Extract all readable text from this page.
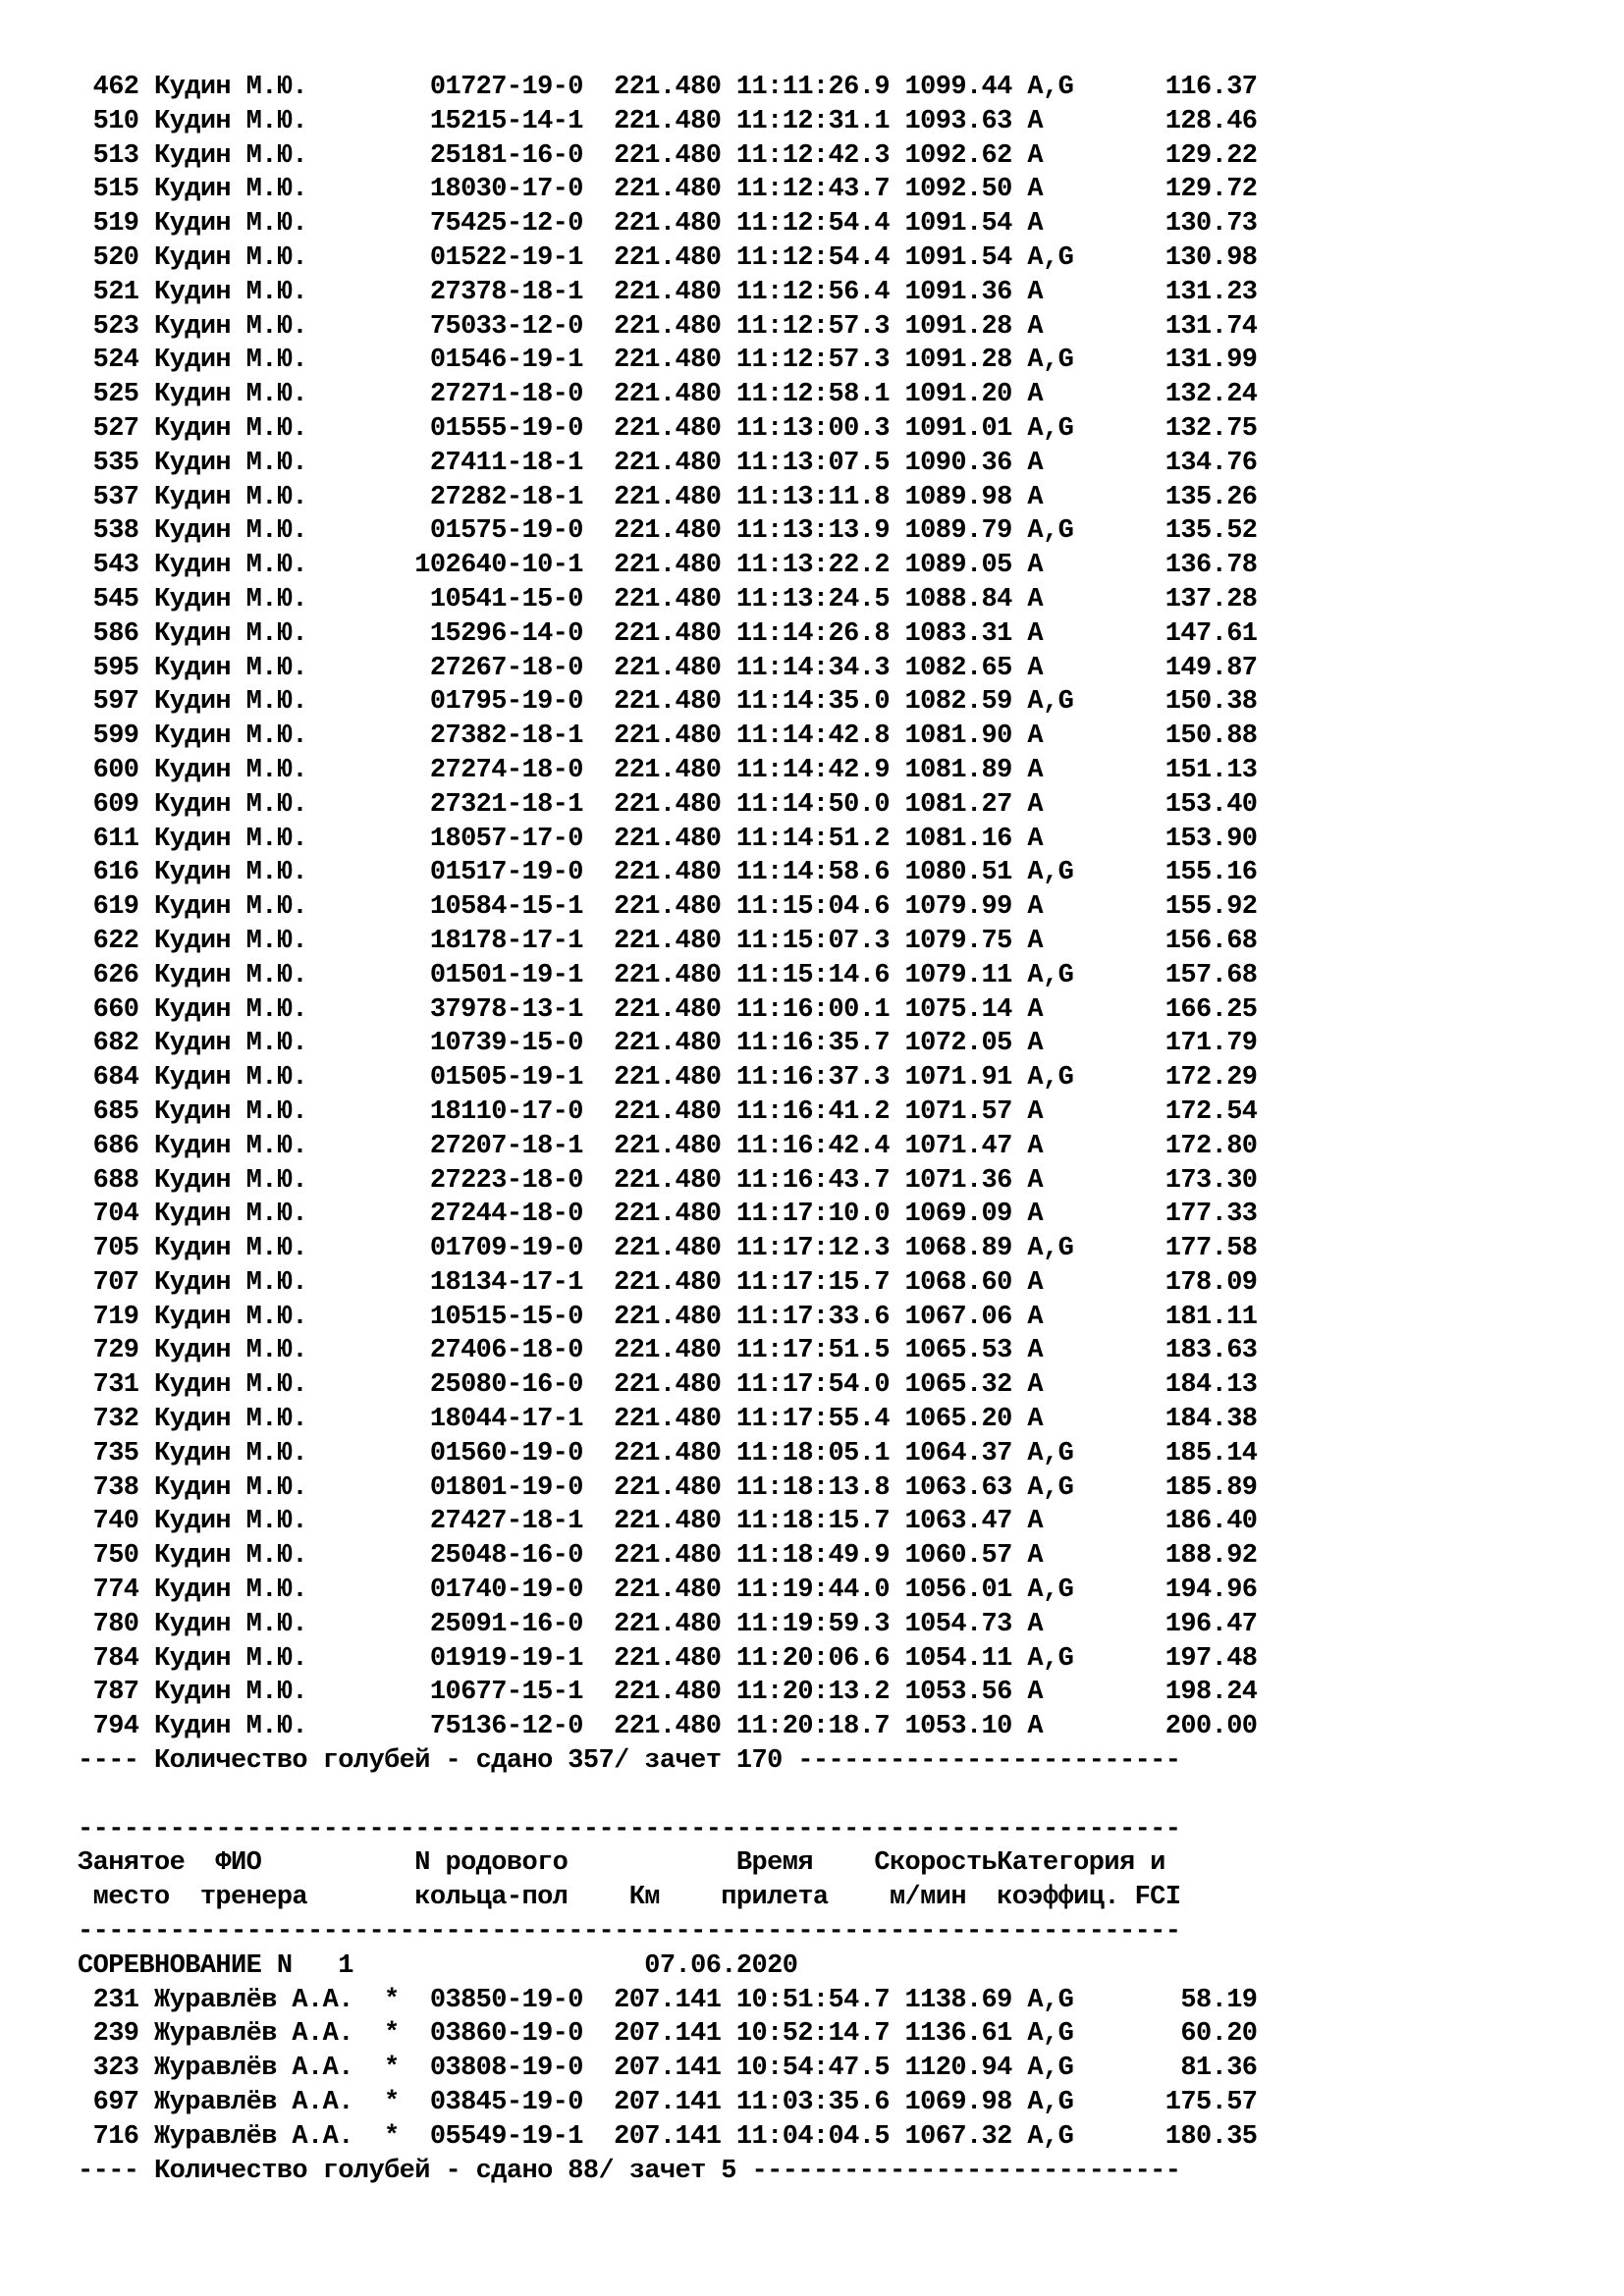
462 Кудин М.Ю.        01727-19-0  221.480 11:11:26.9 1099.44 A,G      116.37
510 Кудин М.Ю.        15215-14-1  221.480 11:12:31.1 1093.63 A        128.46
513 Кудин М.Ю.        25181-16-0  221.480 11:12:42.3 1092.62 A        129.22
515 Кудин М.Ю.        18030-17-0  221.480 11:12:43.7 1092.50 A        129.72
519 Кудин М.Ю.        75425-12-0  221.480 11:12:54.4 1091.54 A        130.73
520 Кудин М.Ю.        01522-19-1  221.480 11:12:54.4 1091.54 A,G      130.98
521 Кудин М.Ю.        27378-18-1  221.480 11:12:56.4 1091.36 A        131.23
523 Кудин М.Ю.        75033-12-0  221.480 11:12:57.3 1091.28 A        131.74
524 Кудин М.Ю.        01546-19-1  221.480 11:12:57.3 1091.28 A,G      131.99
525 Кудин М.Ю.        27271-18-0  221.480 11:12:58.1 1091.20 A        132.24
527 Кудин М.Ю.        01555-19-0  221.480 11:13:00.3 1091.01 A,G      132.75
535 Кудин М.Ю.        27411-18-1  221.480 11:13:07.5 1090.36 A        134.76
537 Кудин М.Ю.        27282-18-1  221.480 11:13:11.8 1089.98 A        135.26
538 Кудин М.Ю.        01575-19-0  221.480 11:13:13.9 1089.79 A,G      135.52
543 Кудин М.Ю.       102640-10-1  221.480 11:13:22.2 1089.05 A        136.78
545 Кудин М.Ю.        10541-15-0  221.480 11:13:24.5 1088.84 A        137.28
586 Кудин М.Ю.        15296-14-0  221.480 11:14:26.8 1083.31 A        147.61
595 Кудин М.Ю.        27267-18-0  221.480 11:14:34.3 1082.65 A        149.87
597 Кудин М.Ю.        01795-19-0  221.480 11:14:35.0 1082.59 A,G      150.38
599 Кудин М.Ю.        27382-18-1  221.480 11:14:42.8 1081.90 A        150.88
600 Кудин М.Ю.        27274-18-0  221.480 11:14:42.9 1081.89 A        151.13
609 Кудин М.Ю.        27321-18-1  221.480 11:14:50.0 1081.27 A        153.40
611 Кудин М.Ю.        18057-17-0  221.480 11:14:51.2 1081.16 A        153.90
616 Кудин М.Ю.        01517-19-0  221.480 11:14:58.6 1080.51 A,G      155.16
619 Кудин М.Ю.        10584-15-1  221.480 11:15:04.6 1079.99 A        155.92
622 Кудин М.Ю.        18178-17-1  221.480 11:15:07.3 1079.75 A        156.68
626 Кудин М.Ю.        01501-19-1  221.480 11:15:14.6 1079.11 A,G      157.68
660 Кудин М.Ю.        37978-13-1  221.480 11:16:00.1 1075.14 A        166.25
682 Кудин М.Ю.        10739-15-0  221.480 11:16:35.7 1072.05 A        171.79
684 Кудин М.Ю.        01505-19-1  221.480 11:16:37.3 1071.91 A,G      172.29
685 Кудин М.Ю.        18110-17-0  221.480 11:16:41.2 1071.57 A        172.54
686 Кудин М.Ю.        27207-18-1  221.480 11:16:42.4 1071.47 A        172.80
688 Кудин М.Ю.        27223-18-0  221.480 11:16:43.7 1071.36 A        173.30
704 Кудин М.Ю.        27244-18-0  221.480 11:17:10.0 1069.09 A        177.33
705 Кудин М.Ю.        01709-19-0  221.480 11:17:12.3 1068.89 A,G      177.58
707 Кудин М.Ю.        18134-17-1  221.480 11:17:15.7 1068.60 A        178.09
719 Кудин М.Ю.        10515-15-0  221.480 11:17:33.6 1067.06 A        181.11
729 Кудин М.Ю.        27406-18-0  221.480 11:17:51.5 1065.53 A        183.63
731 Кудин М.Ю.        25080-16-0  221.480 11:17:54.0 1065.32 A        184.13
732 Кудин М.Ю.        18044-17-1  221.480 11:17:55.4 1065.20 A        184.38
735 Кудин М.Ю.        01560-19-0  221.480 11:18:05.1 1064.37 A,G      185.14
738 Кудин М.Ю.        01801-19-0  221.480 11:18:13.8 1063.63 A,G      185.89
740 Кудин М.Ю.        27427-18-1  221.480 11:18:15.7 1063.47 A        186.40
750 Кудин М.Ю.        25048-16-0  221.480 11:18:49.9 1060.57 A        188.92
774 Кудин М.Ю.        01740-19-0  221.480 11:19:44.0 1056.01 A,G      194.96
780 Кудин М.Ю.        25091-16-0  221.480 11:19:59.3 1054.73 A        196.47
784 Кудин М.Ю.        01919-19-1  221.480 11:20:06.6 1054.11 A,G      197.48
787 Кудин М.Ю.        10677-15-1  221.480 11:20:13.2 1053.56 A        198.24
794 Кудин М.Ю.        75136-12-0  221.480 11:20:18.7 1053.10 A        200.00
---- Количество голубей - сдано 357/ зачет 170 -------------------------
------------------------------------------------------------------------
Занятое  ФИО          N родового           Время    СкоростьКатегория и
место  тренера       кольца-пол    Км    прилета    м/мин  коэффиц. FCI
------------------------------------------------------------------------
СОРЕВНОВАНИЕ N   1                   07.06.2020
231 Журавлёв А.А.  *  03850-19-0  207.141 10:51:54.7 1138.69 A,G       58.19
239 Журавлёв А.А.  *  03860-19-0  207.141 10:52:14.7 1136.61 A,G       60.20
323 Журавлёв А.А.  *  03808-19-0  207.141 10:54:47.5 1120.94 A,G       81.36
697 Журавлёв А.А.  *  03845-19-0  207.141 11:03:35.6 1069.98 A,G      175.57
716 Журавлёв А.А.  *  05549-19-1  207.141 11:04:04.5 1067.32 A,G      180.35
---- Количество голубей - сдано 88/ зачет 5 ----------------------------
